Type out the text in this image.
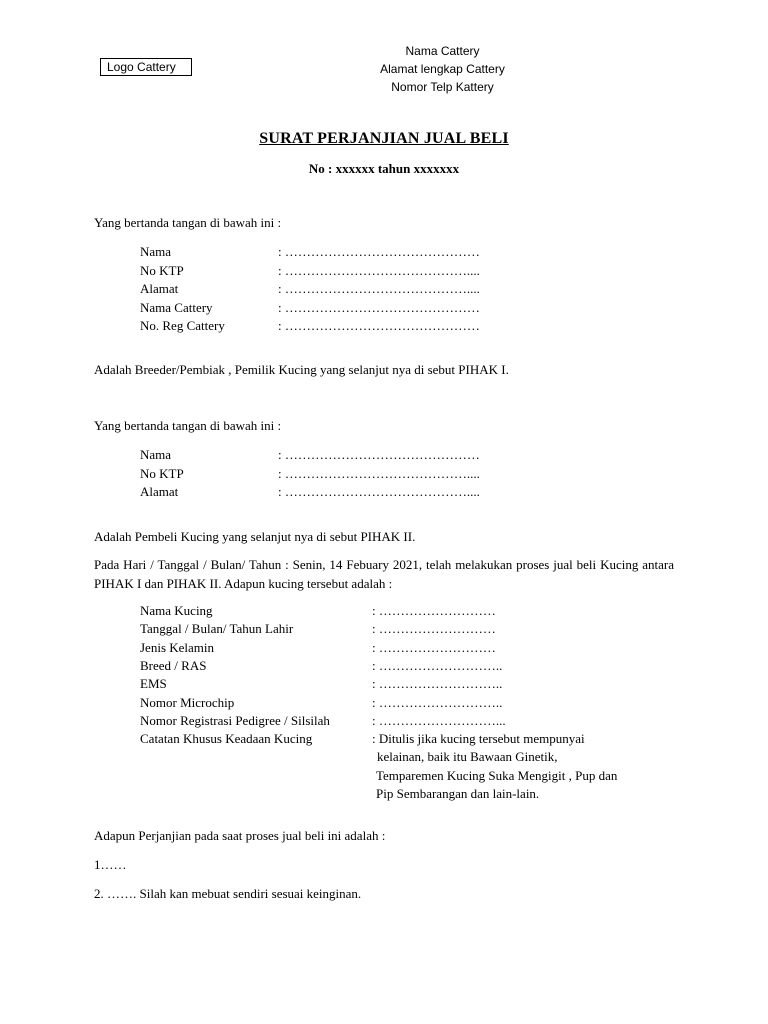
Logo Cattery
Nama Cattery
Alamat lengkap Cattery
Nomor Telp Kattery
SURAT PERJANJIAN JUAL BELI
No : xxxxxx tahun xxxxxxx
Yang bertanda tangan di bawah ini :
Nama	: ………………………………………
No KTP	: ……………………………………....
Alamat	: ……………………………………....
Nama Cattery	: ………………………………………
No. Reg Cattery	: ………………………………………
Adalah Breeder/Pembiak , Pemilik Kucing yang selanjut nya di sebut PIHAK I.
Yang bertanda tangan di bawah ini :
Nama	: ………………………………………
No KTP	: ……………………………………....
Alamat	: ……………………………………....
Adalah Pembeli Kucing yang selanjut nya di sebut PIHAK II.
Pada Hari / Tanggal / Bulan/ Tahun : Senin, 14 Febuary 2021, telah melakukan proses jual beli Kucing antara PIHAK I dan PIHAK II. Adapun kucing tersebut adalah :
Nama Kucing	: ………………………
Tanggal / Bulan/ Tahun Lahir	: ………………………
Jenis Kelamin	: ………………………
Breed / RAS	: ………………………..
EMS	: ………………………..
Nomor Microchip	: ………………………..
Nomor Registrasi Pedigree / Silsilah	: ………………………...
Catatan Khusus Keadaan Kucing	: Ditulis jika kucing tersebut mempunyai
kelainan, baik itu Bawaan Ginetik,
Temparemen Kucing Suka Mengigit , Pup dan
Pip Sembarangan dan lain-lain.
Adapun Perjanjian pada saat proses jual beli ini adalah :
1……
2. ……. Silah kan mebuat sendiri sesuai keinginan.
